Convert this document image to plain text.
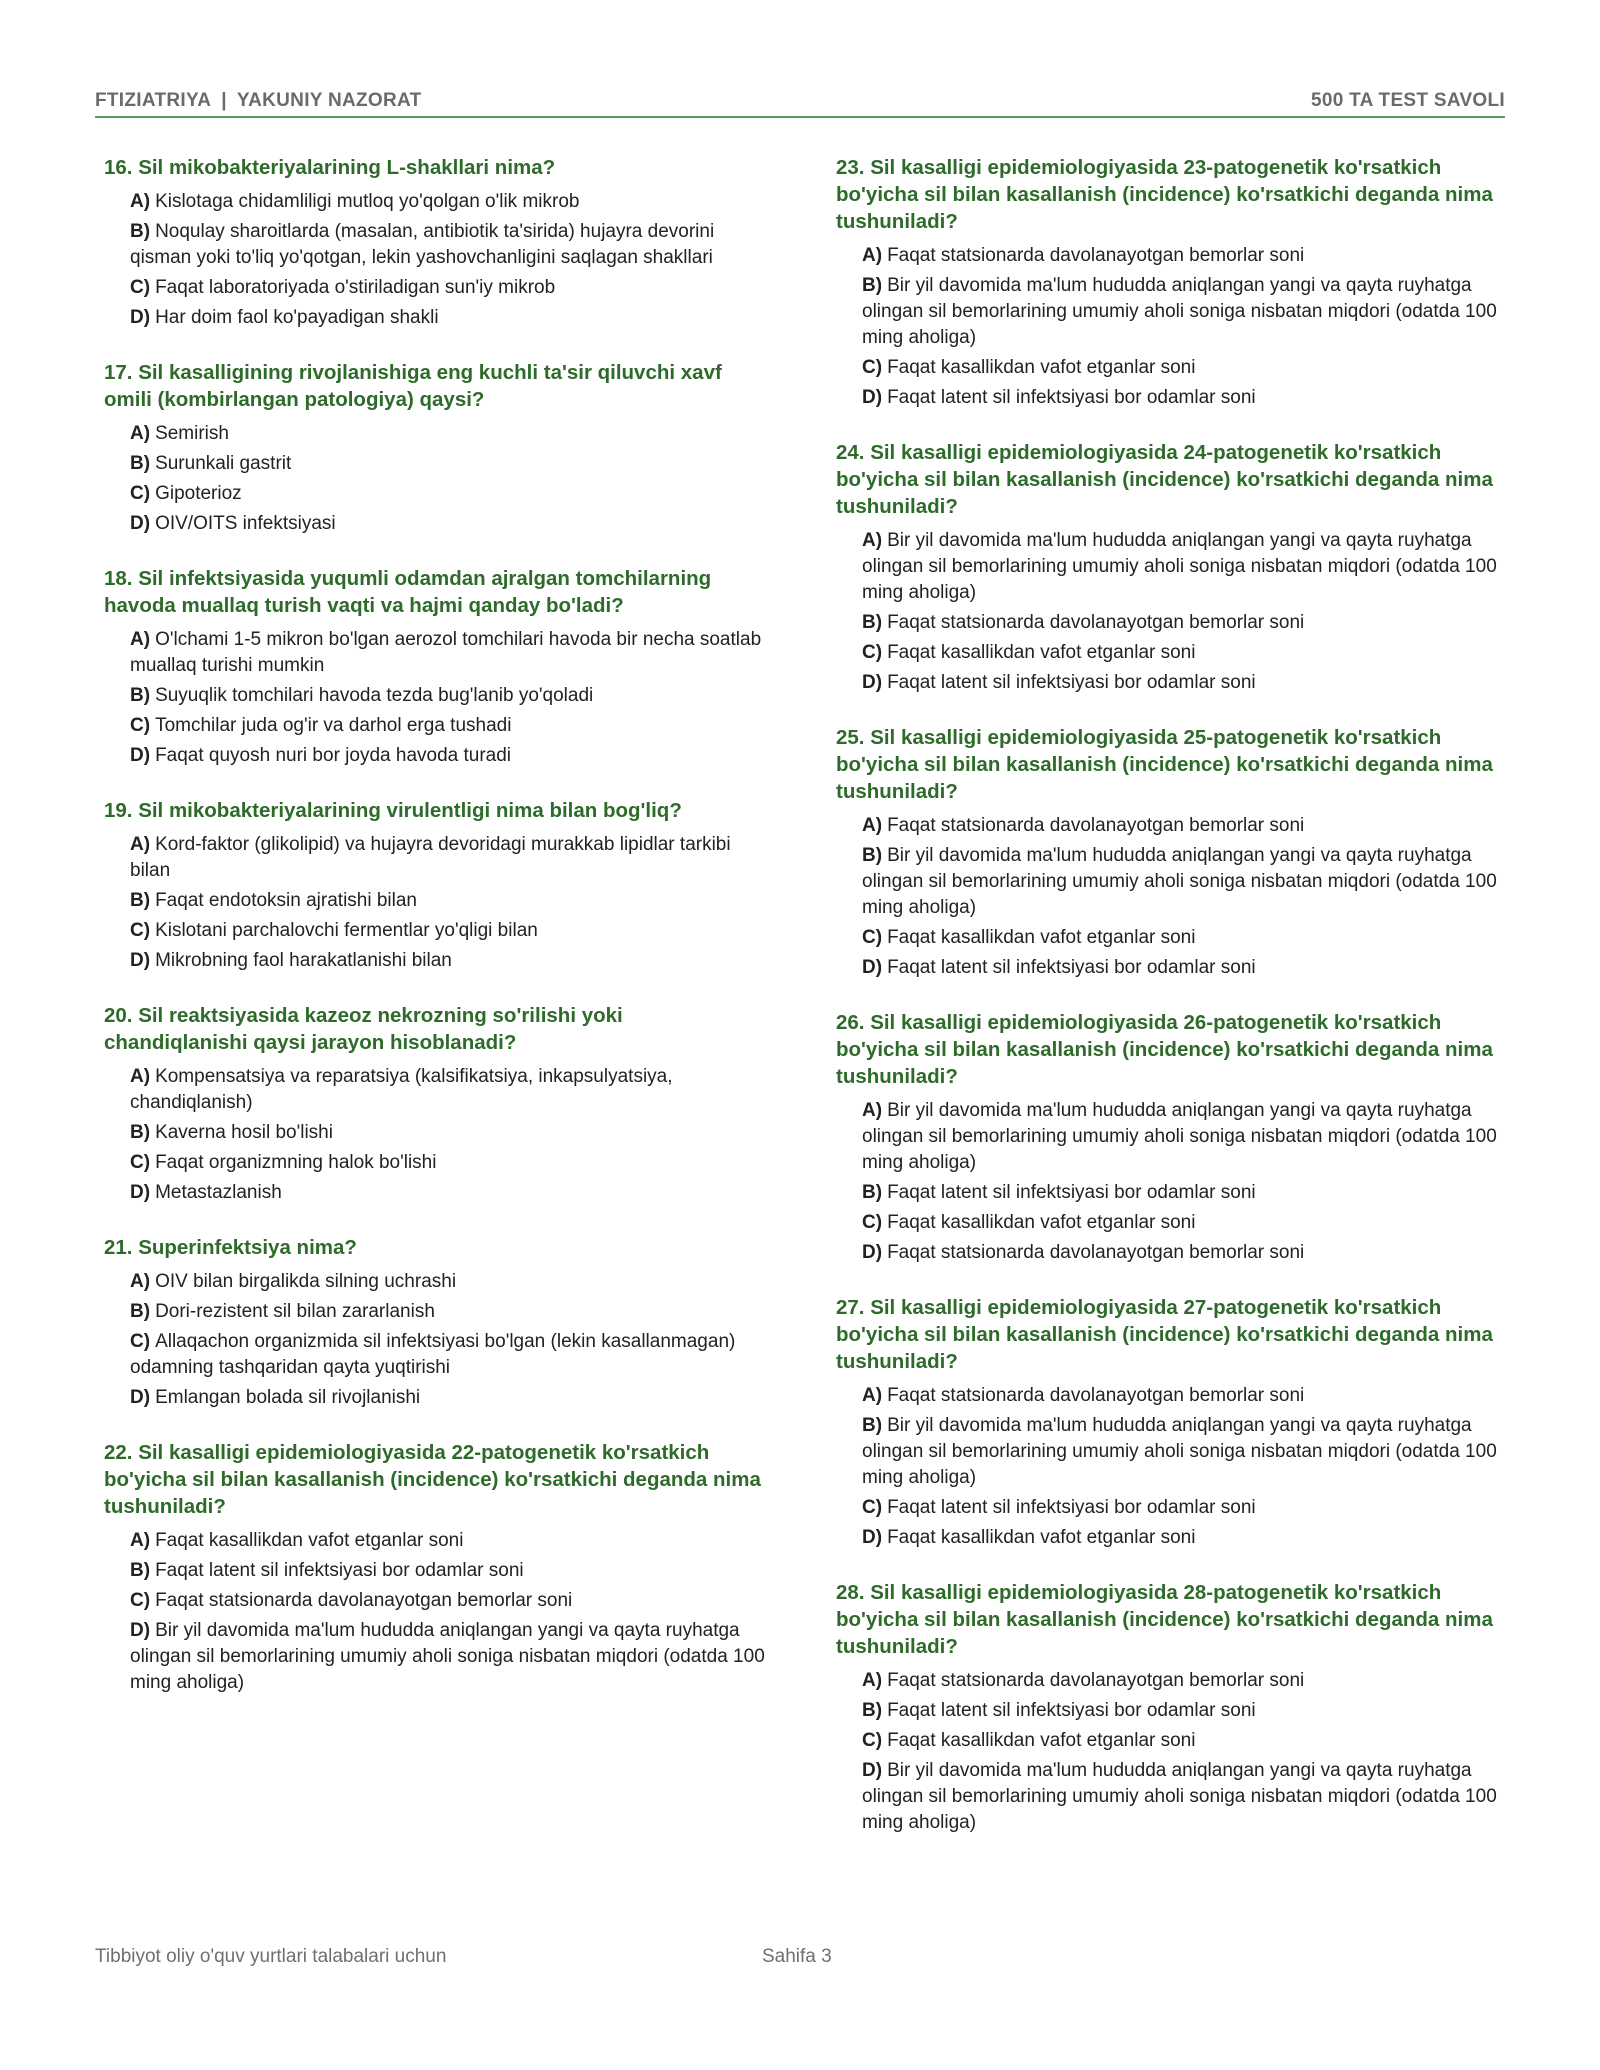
FTIZIATRIYA | YAKUNIY NAZORAT	500 TA TEST SAVOLI
16. Sil mikobakteriyalarining L-shakllari nima?
A) Kislotaga chidamliligi mutloq yo'qolgan o'lik mikrob
B) Noqulay sharoitlarda (masalan, antibiotik ta'sirida) hujayra devorini qisman yoki to'liq yo'qotgan, lekin yashovchanligini saqlagan shakllari
C) Faqat laboratoriyada o'stiriladigan sun'iy mikrob
D) Har doim faol ko'payadigan shakli
17. Sil kasalligining rivojlanishiga eng kuchli ta'sir qiluvchi xavf omili (kombirlangan patologiya) qaysi?
A) Semirish
B) Surunkali gastrit
C) Gipoterioz
D) OIV/OITS infektsiyasi
18. Sil infektsiyasida yuqumli odamdan ajralgan tomchilarning havoda muallaq turish vaqti va hajmi qanday bo'ladi?
A) O'lchami 1-5 mikron bo'lgan aerozol tomchilari havoda bir necha soatlab muallaq turishi mumkin
B) Suyuqlik tomchilari havoda tezda bug'lanib yo'qoladi
C) Tomchilar juda og'ir va darhol erga tushadi
D) Faqat quyosh nuri bor joyda havoda turadi
19. Sil mikobakteriyalarining virulentligi nima bilan bog'liq?
A) Kord-faktor (glikolipid) va hujayra devoridagi murakkab lipidlar tarkibi bilan
B) Faqat endotoksin ajratishi bilan
C) Kislotani parchalovchi fermentlar yo'qligi bilan
D) Mikrobning faol harakatlanishi bilan
20. Sil reaktsiyasida kazeoz nekrozning so'rilishi yoki chandiqlanishi qaysi jarayon hisoblanadi?
A) Kompensatsiya va reparatsiya (kalsifikatsiya, inkapsulyatsiya, chandiqlanish)
B) Kaverna hosil bo'lishi
C) Faqat organizmning halok bo'lishi
D) Metastazlanish
21. Superinfektsiya nima?
A) OIV bilan birgalikda silning uchrashi
B) Dori-rezistent sil bilan zararlanish
C) Allaqachon organizmida sil infektsiyasi bo'lgan (lekin kasallanmagan) odamning tashqaridan qayta yuqtirishi
D) Emlangan bolada sil rivojlanishi
22. Sil kasalligi epidemiologiyasida 22-patogenetik ko'rsatkich bo'yicha sil bilan kasallanish (incidence) ko'rsatkichi deganda nima tushuniladi?
A) Faqat kasallikdan vafot etganlar soni
B) Faqat latent sil infektsiyasi bor odamlar soni
C) Faqat statsionarda davolanayotgan bemorlar soni
D) Bir yil davomida ma'lum hududda aniqlangan yangi va qayta ruyhatga olingan sil bemorlarining umumiy aholi soniga nisbatan miqdori (odatda 100 ming aholiga)
23. Sil kasalligi epidemiologiyasida 23-patogenetik ko'rsatkich bo'yicha sil bilan kasallanish (incidence) ko'rsatkichi deganda nima tushuniladi?
A) Faqat statsionarda davolanayotgan bemorlar soni
B) Bir yil davomida ma'lum hududda aniqlangan yangi va qayta ruyhatga olingan sil bemorlarining umumiy aholi soniga nisbatan miqdori (odatda 100 ming aholiga)
C) Faqat kasallikdan vafot etganlar soni
D) Faqat latent sil infektsiyasi bor odamlar soni
24. Sil kasalligi epidemiologiyasida 24-patogenetik ko'rsatkich bo'yicha sil bilan kasallanish (incidence) ko'rsatkichi deganda nima tushuniladi?
A) Bir yil davomida ma'lum hududda aniqlangan yangi va qayta ruyhatga olingan sil bemorlarining umumiy aholi soniga nisbatan miqdori (odatda 100 ming aholiga)
B) Faqat statsionarda davolanayotgan bemorlar soni
C) Faqat kasallikdan vafot etganlar soni
D) Faqat latent sil infektsiyasi bor odamlar soni
25. Sil kasalligi epidemiologiyasida 25-patogenetik ko'rsatkich bo'yicha sil bilan kasallanish (incidence) ko'rsatkichi deganda nima tushuniladi?
A) Faqat statsionarda davolanayotgan bemorlar soni
B) Bir yil davomida ma'lum hududda aniqlangan yangi va qayta ruyhatga olingan sil bemorlarining umumiy aholi soniga nisbatan miqdori (odatda 100 ming aholiga)
C) Faqat kasallikdan vafot etganlar soni
D) Faqat latent sil infektsiyasi bor odamlar soni
26. Sil kasalligi epidemiologiyasida 26-patogenetik ko'rsatkich bo'yicha sil bilan kasallanish (incidence) ko'rsatkichi deganda nima tushuniladi?
A) Bir yil davomida ma'lum hududda aniqlangan yangi va qayta ruyhatga olingan sil bemorlarining umumiy aholi soniga nisbatan miqdori (odatda 100 ming aholiga)
B) Faqat latent sil infektsiyasi bor odamlar soni
C) Faqat kasallikdan vafot etganlar soni
D) Faqat statsionarda davolanayotgan bemorlar soni
27. Sil kasalligi epidemiologiyasida 27-patogenetik ko'rsatkich bo'yicha sil bilan kasallanish (incidence) ko'rsatkichi deganda nima tushuniladi?
A) Faqat statsionarda davolanayotgan bemorlar soni
B) Bir yil davomida ma'lum hududda aniqlangan yangi va qayta ruyhatga olingan sil bemorlarining umumiy aholi soniga nisbatan miqdori (odatda 100 ming aholiga)
C) Faqat latent sil infektsiyasi bor odamlar soni
D) Faqat kasallikdan vafot etganlar soni
28. Sil kasalligi epidemiologiyasida 28-patogenetik ko'rsatkich bo'yicha sil bilan kasallanish (incidence) ko'rsatkichi deganda nima tushuniladi?
A) Faqat statsionarda davolanayotgan bemorlar soni
B) Faqat latent sil infektsiyasi bor odamlar soni
C) Faqat kasallikdan vafot etganlar soni
D) Bir yil davomida ma'lum hududda aniqlangan yangi va qayta ruyhatga olingan sil bemorlarining umumiy aholi soniga nisbatan miqdori (odatda 100 ming aholiga)
Tibbiyot oliy o'quv yurtlari talabalari uchun	Sahifa 3
